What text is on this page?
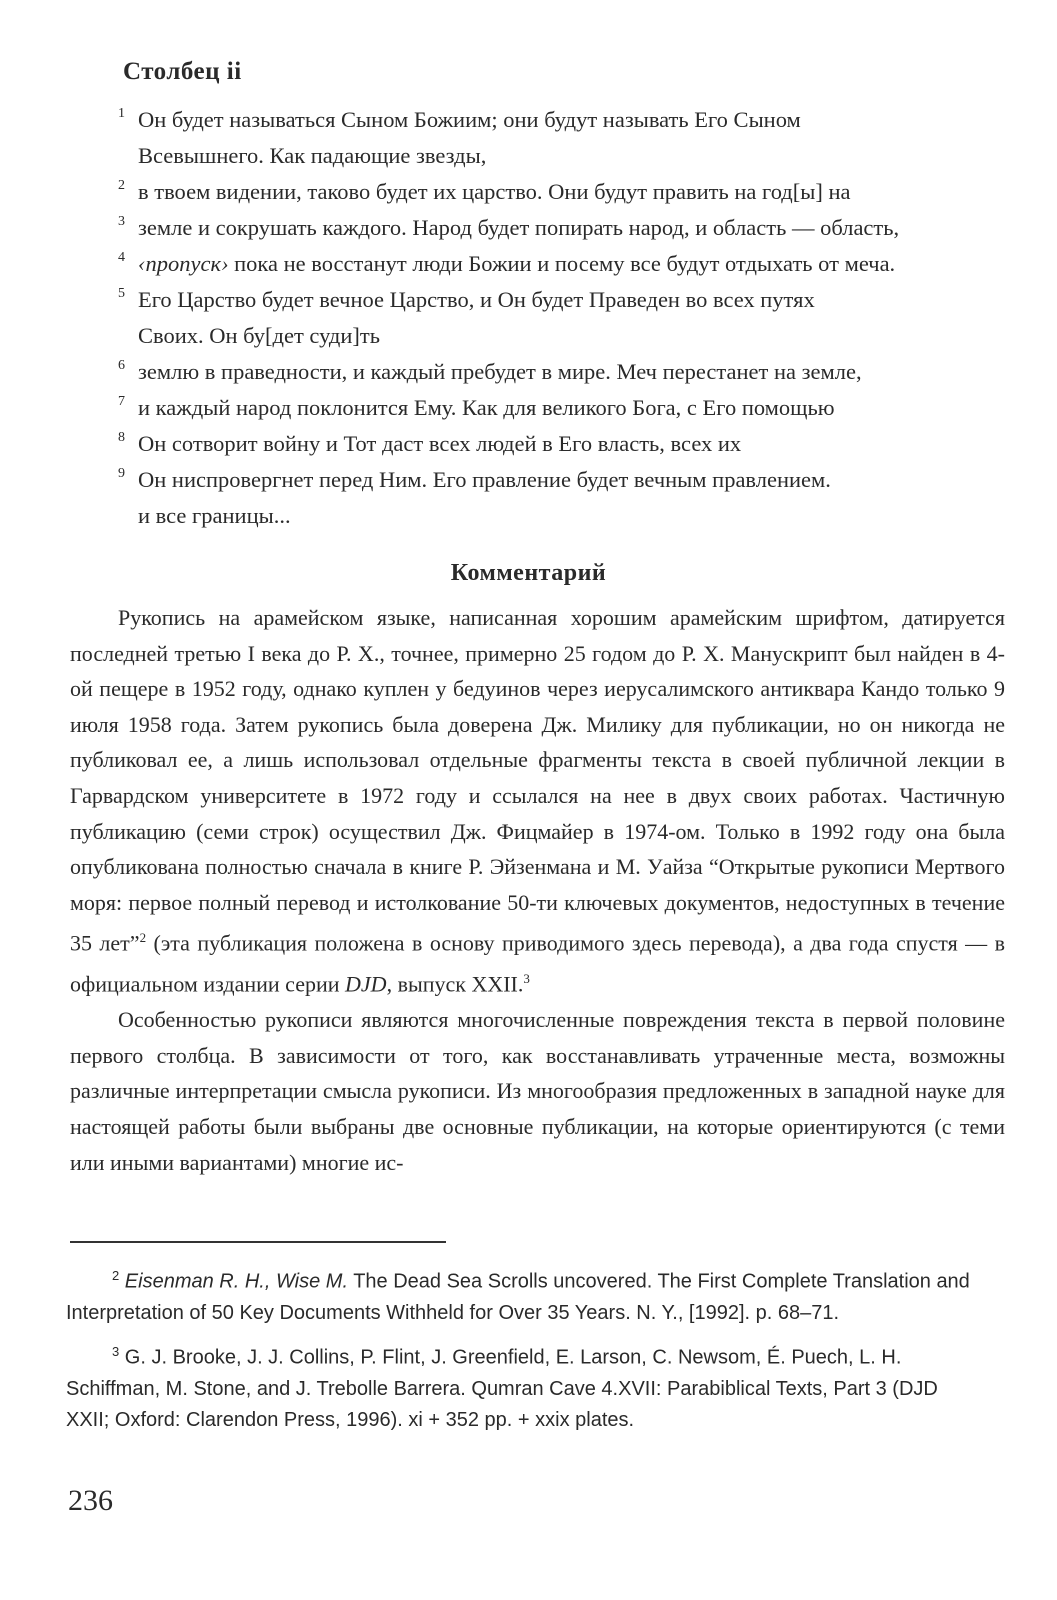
Столбец ii
1 Он будет называться Сыном Божиим; они будут называть Его Сыном
Всевышнего. Как падающие звезды,
2 в твоем видении, таково будет их царство. Они будут править на год[ы] на
3 земле и сокрушать каждого. Народ будет попирать народ, и область — область,
4 ‹пропуск› пока не восстанут люди Божии и посему все будут отдыхать от меча.
5 Его Царство будет вечное Царство, и Он будет Праведен во всех путях
Своих. Он бу[дет суди]ть
6 землю в праведности, и каждый пребудет в мире. Меч перестанет на земле,
7 и каждый народ поклонится Ему. Как для великого Бога, с Его помощью
8 Он сотворит войну и Тот даст всех людей в Его власть, всех их
9 Он ниспровергнет перед Ним. Его правление будет вечным правлением.
и все границы...
Комментарий

Рукопись на арамейском языке, написанная хорошим арамейским шрифтом, датируется последней третью I века до Р. Х., точнее, примерно 25 годом до Р. Х. Манускрипт был найден в 4-ой пещере в 1952 году, однако куплен у бедуинов через иерусалимского антиквара Кандо только 9 июля 1958 года. Затем рукопись была доверена Дж. Милику для публикации, но он никогда не публиковал ее, а лишь использовал отдельные фрагменты текста в своей публичной лекции в Гарвардском университете в 1972 году и ссылался на нее в двух своих работах. Частичную публикацию (семи строк) осуществил Дж. Фицмайер в 1974-ом. Только в 1992 году она была опубликована полностью сначала в книге Р. Эйзенмана и М. Уайза “Открытые рукописи Мертвого моря: первое полный перевод и истолкование 50-ти ключевых документов, недоступных в течение 35 лет”$^2$ (эта публикация положена в основу приводимого здесь перевода), а два года спустя — в официальном издании серии DJD, выпуск XXII.$^3$

Особенностью рукописи являются многочисленные повреждения текста в первой половине первого столбца. В зависимости от того, как восстанавливать утраченные места, возможны различные интерпретации смысла рукописи. Из многообразия предложенных в западной науке для настоящей работы были выбраны две основные публикации, на которые ориентируются (с теми или иными вариантами) многие ис-

$^2$ Eisenman R. H., Wise M. The Dead Sea Scrolls uncovered. The First Complete Translation and Interpretation of 50 Key Documents Withheld for Over 35 Years. N. Y., [1992]. p. 68–71.

$^3$ G. J. Brooke, J. J. Collins, P. Flint, J. Greenfield, E. Larson, C. Newsom, É. Puech, L. H. Schiffman, M. Stone, and J. Trebolle Barrera. Qumran Cave 4.XVII: Parabiblical Texts, Part 3 (DJD XXII; Oxford: Clarendon Press, 1996). xi + 352 pp. + xxix plates.

236
